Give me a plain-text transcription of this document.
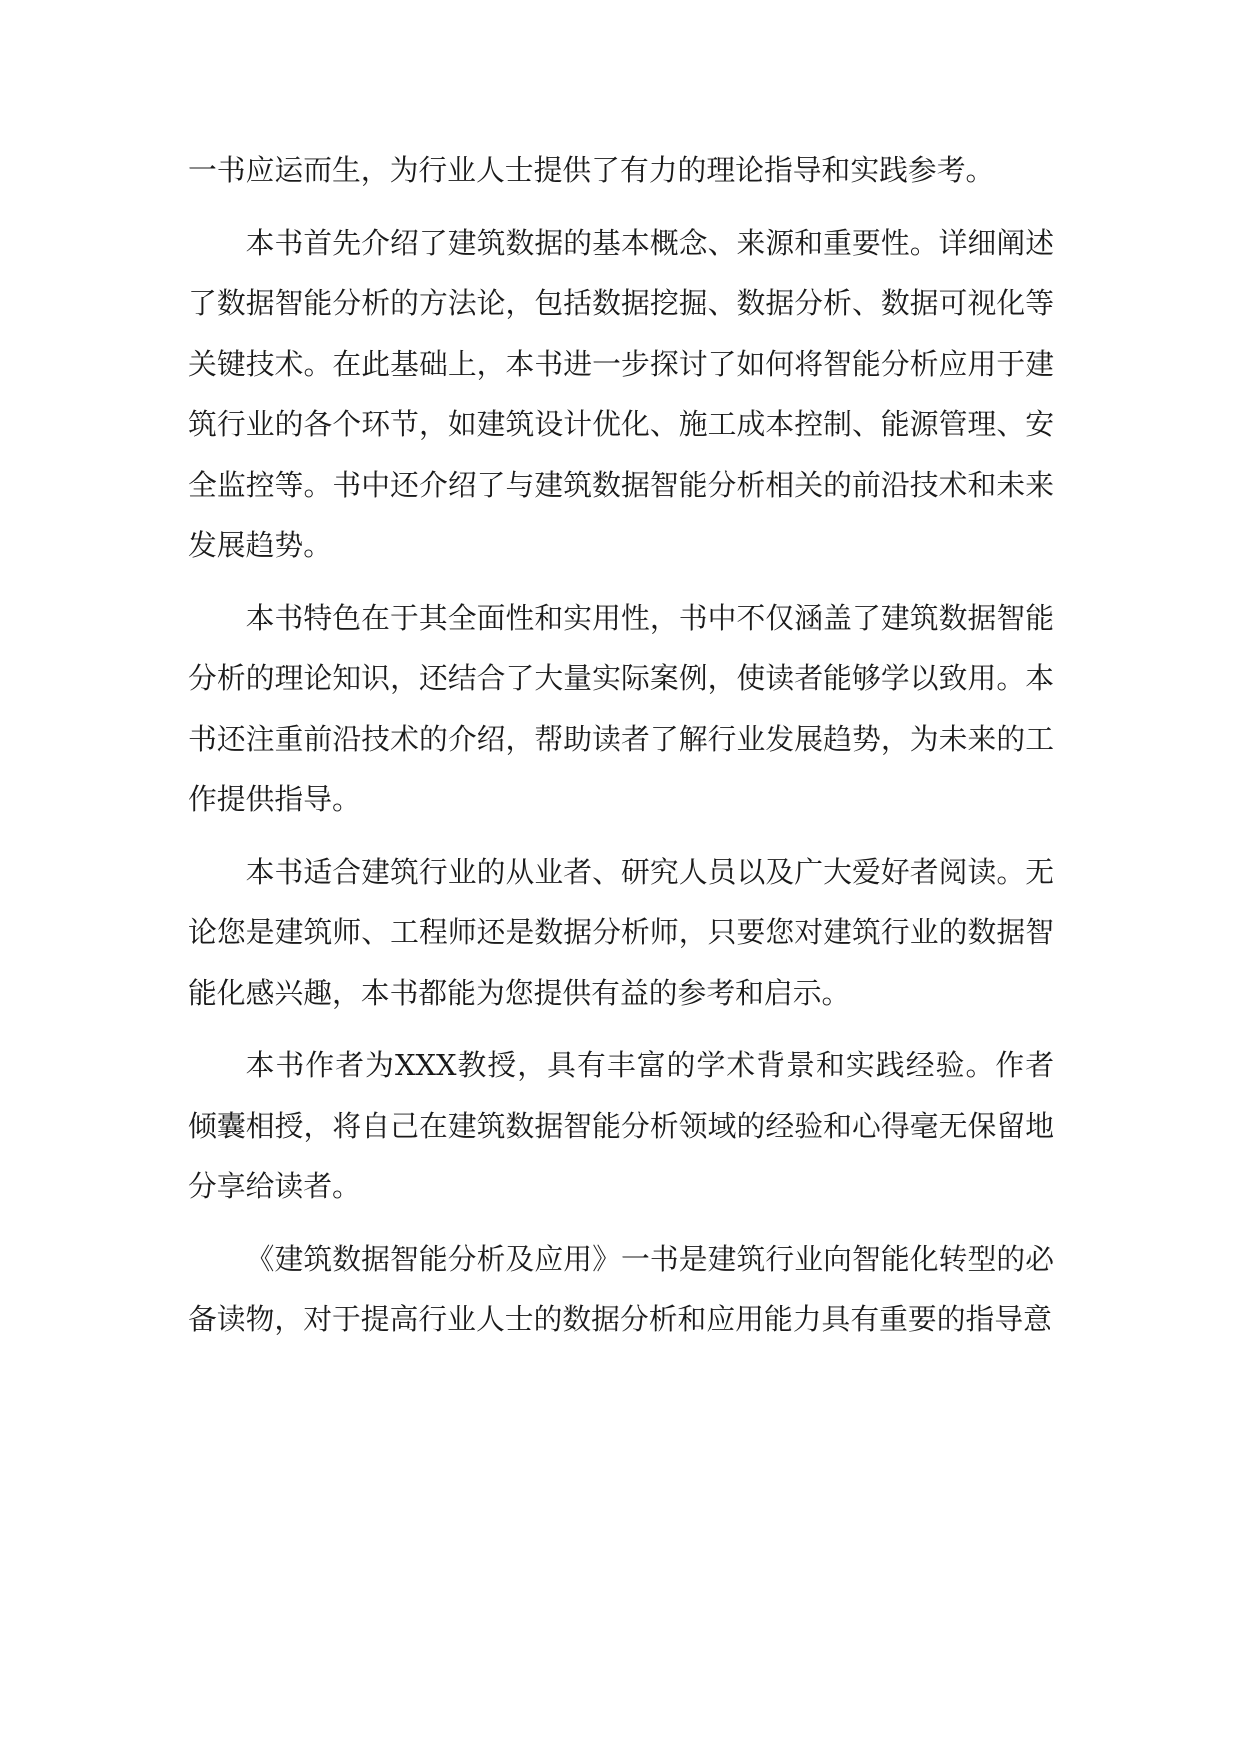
一书应运而生，为行业人士提供了有力的理论指导和实践参考。

本书首先介绍了建筑数据的基本概念、来源和重要性。详细阐述了数据智能分析的方法论，包括数据挖掘、数据分析、数据可视化等关键技术。在此基础上，本书进一步探讨了如何将智能分析应用于建筑行业的各个环节，如建筑设计优化、施工成本控制、能源管理、安全监控等。书中还介绍了与建筑数据智能分析相关的前沿技术和未来发展趋势。

本书特色在于其全面性和实用性，书中不仅涵盖了建筑数据智能分析的理论知识，还结合了大量实际案例，使读者能够学以致用。本书还注重前沿技术的介绍，帮助读者了解行业发展趋势，为未来的工作提供指导。

本书适合建筑行业的从业者、研究人员以及广大爱好者阅读。无论您是建筑师、工程师还是数据分析师，只要您对建筑行业的数据智能化感兴趣，本书都能为您提供有益的参考和启示。

本书作者为XXX教授，具有丰富的学术背景和实践经验。作者倾囊相授，将自己在建筑数据智能分析领域的经验和心得毫无保留地分享给读者。

《建筑数据智能分析及应用》一书是建筑行业向智能化转型的必备读物，对于提高行业人士的数据分析和应用能力具有重要的指导意
